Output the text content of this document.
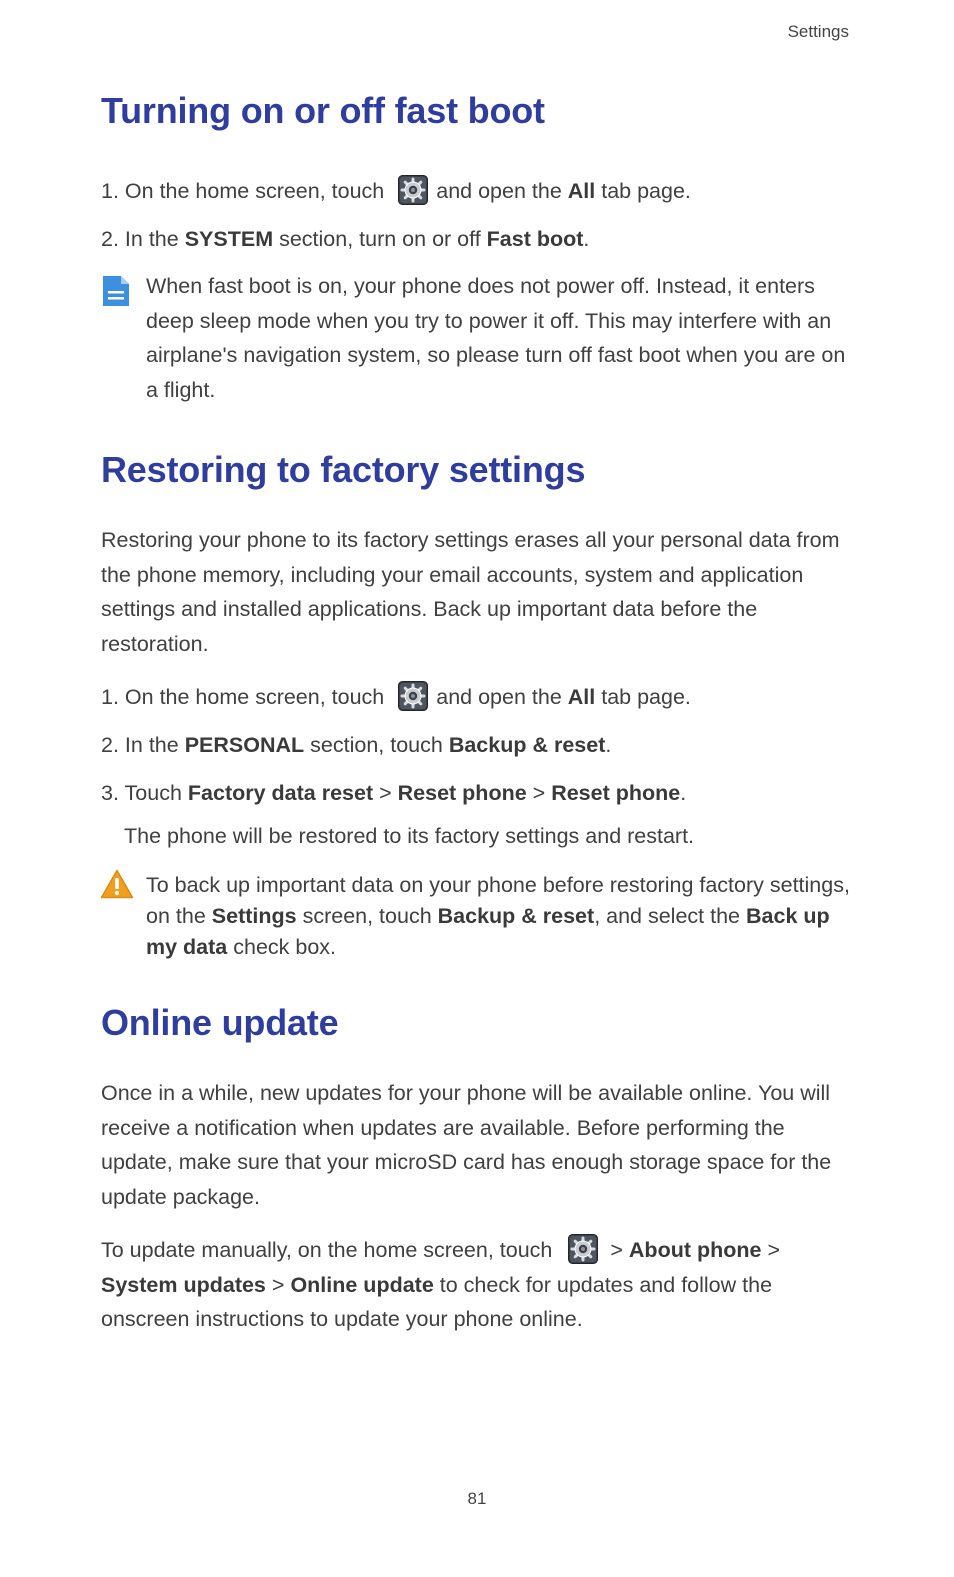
Settings
Turning on or off fast boot
1. On the home screen, touch and open the All tab page.
2. In the SYSTEM section, turn on or off Fast boot.
When fast boot is on, your phone does not power off. Instead, it enters deep sleep mode when you try to power it off. This may interfere with an airplane's navigation system, so please turn off fast boot when you are on a flight.
Restoring to factory settings
Restoring your phone to its factory settings erases all your personal data from the phone memory, including your email accounts, system and application settings and installed applications. Back up important data before the restoration.
1. On the home screen, touch and open the All tab page.
2. In the PERSONAL section, touch Backup & reset.
3. Touch Factory data reset > Reset phone > Reset phone.
The phone will be restored to its factory settings and restart.
To back up important data on your phone before restoring factory settings, on the Settings screen, touch Backup & reset, and select the Back up my data check box.
Online update
Once in a while, new updates for your phone will be available online. You will receive a notification when updates are available. Before performing the update, make sure that your microSD card has enough storage space for the update package.
To update manually, on the home screen, touch	> About phone > System updates > Online update to check for updates and follow the onscreen instructions to update your phone online.
81
